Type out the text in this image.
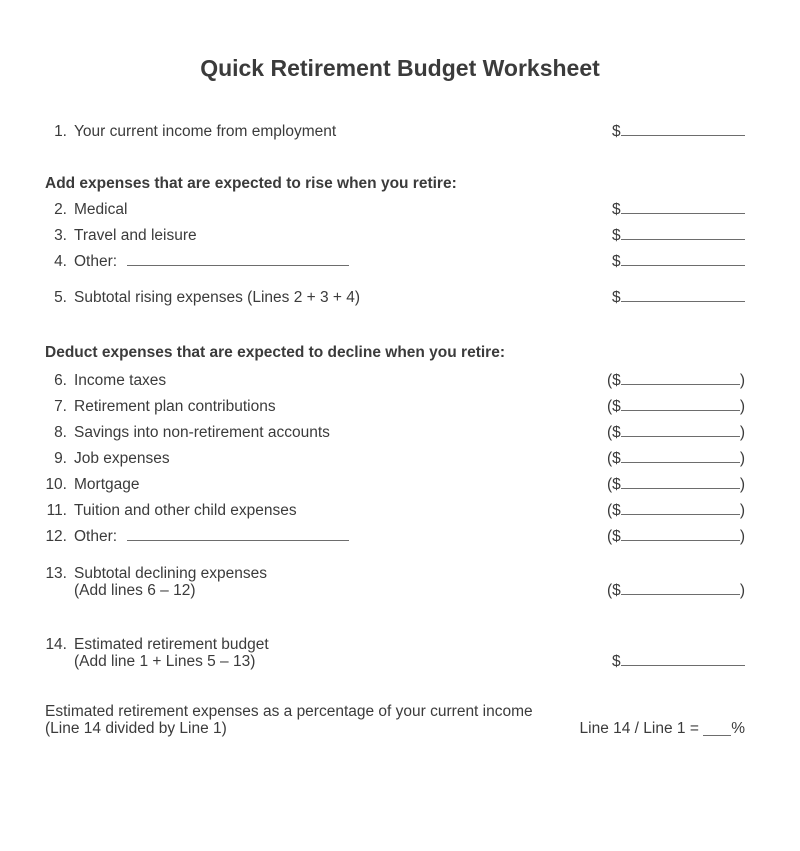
Quick Retirement Budget Worksheet
1. Your current income from employment	$
Add expenses that are expected to rise when you retire:
2. Medical	$
3. Travel and leisure	$
4. Other:	$
5. Subtotal rising expenses (Lines 2 + 3 + 4)	$
Deduct expenses that are expected to decline when you retire:
6. Income taxes	( $	)
7. Retirement plan contributions	( $	)
8. Savings into non-retirement accounts	( $	)
9. Job expenses	( $	)
10. Mortgage	( $	)
11. Tuition and other child expenses	( $	)
12. Other:	( $	)
13. Subtotal declining expenses
(Add lines 6 – 12)	( $	)
14. Estimated retirement budget
(Add line 1 + Lines 5 – 13)	$
Estimated retirement expenses as a percentage of your current income
(Line 14 divided by Line 1)	Line 14 / Line 1 = %
